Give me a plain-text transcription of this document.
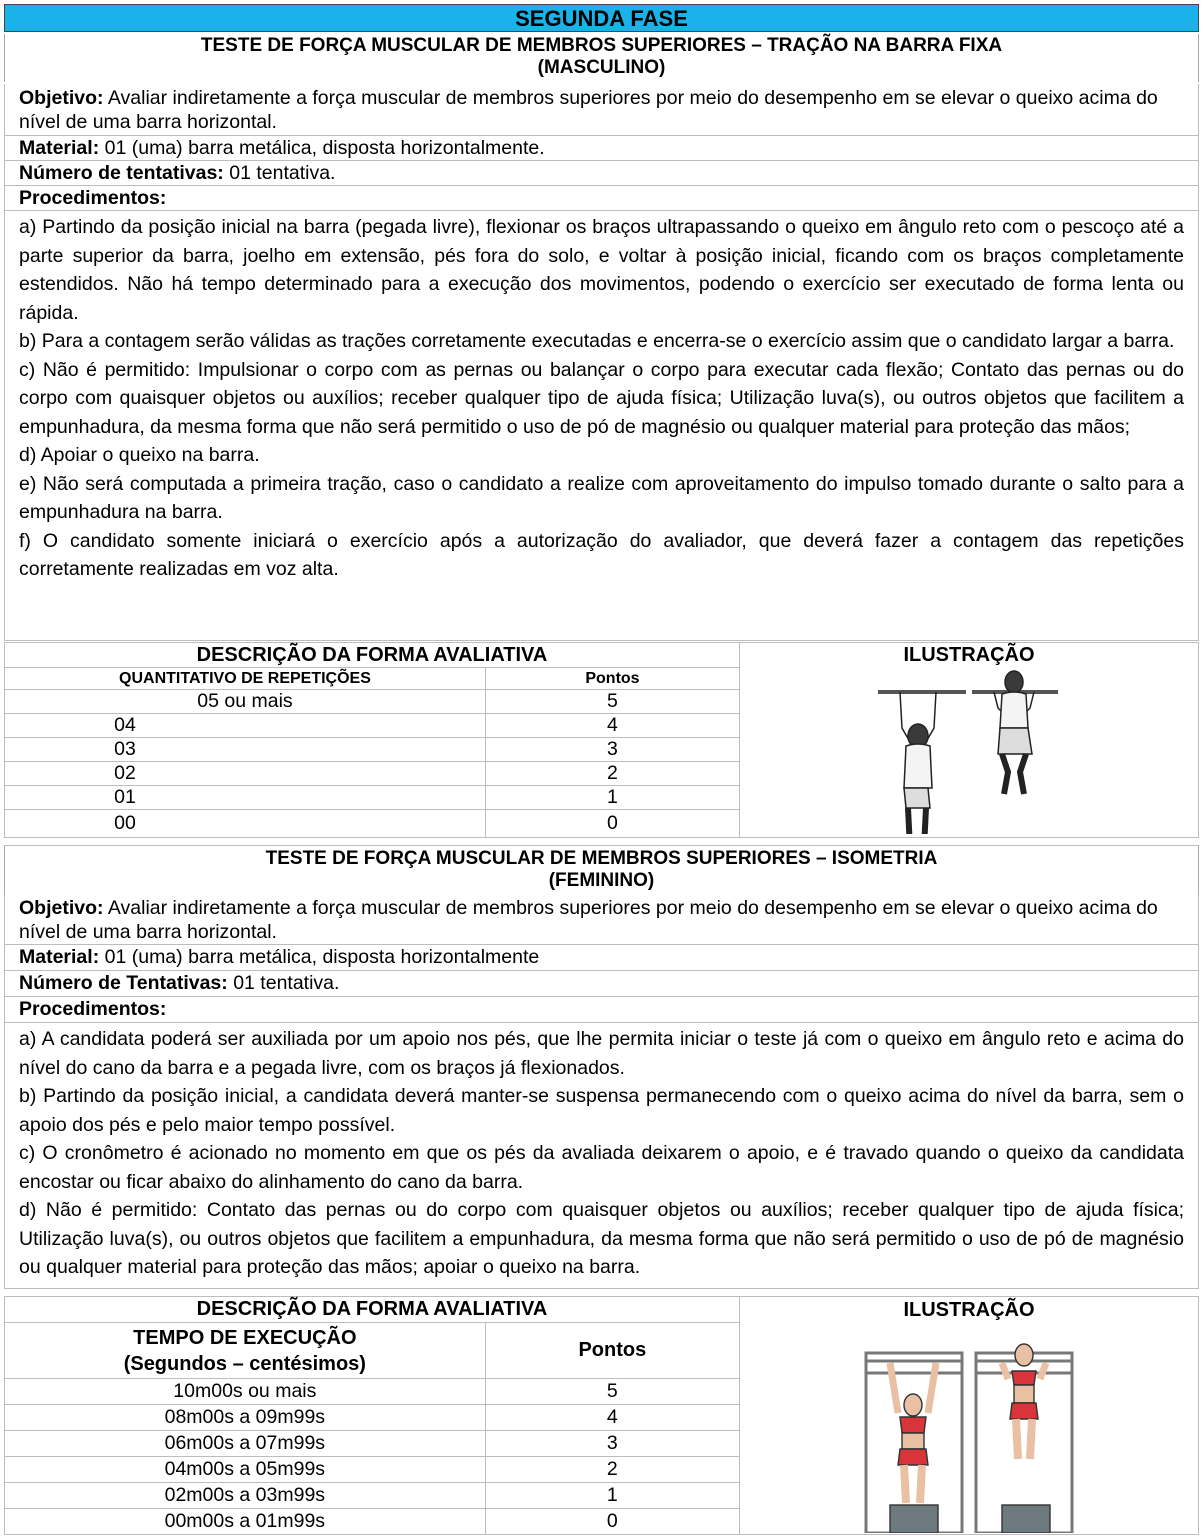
SEGUNDA FASE
TESTE DE FORÇA MUSCULAR DE MEMBROS SUPERIORES – TRAÇÃO NA BARRA FIXA
(MASCULINO)
Objetivo: Avaliar indiretamente a força muscular de membros superiores por meio do desempenho em se elevar o queixo acima do nível de uma barra horizontal.
Material: 01 (uma) barra metálica, disposta horizontalmente.
Número de tentativas: 01 tentativa.
Procedimentos:

a) Partindo da posição inicial na barra (pegada livre), flexionar os braços ultrapassando o queixo em ângulo reto com o pescoço até a parte superior da barra, joelho em extensão, pés fora do solo, e voltar à posição inicial, ficando com os braços completamente estendidos. Não há tempo determinado para a execução dos movimentos, podendo o exercício ser executado de forma lenta ou rápida.

b) Para a contagem serão válidas as trações corretamente executadas e encerra-se o exercício assim que o candidato largar a barra.

c) Não é permitido: Impulsionar o corpo com as pernas ou balançar o corpo para executar cada flexão; Contato das pernas ou do corpo com quaisquer objetos ou auxílios; receber qualquer tipo de ajuda física; Utilização luva(s), ou outros objetos que facilitem a empunhadura, da mesma forma que não será permitido o uso de pó de magnésio ou qualquer material para proteção das mãos;

d) Apoiar o queixo na barra.

e) Não será computada a primeira tração, caso o candidato a realize com aproveitamento do impulso tomado durante o salto para a empunhadura na barra.

f) O candidato somente iniciará o exercício após a autorização do avaliador, que deverá fazer a contagem das repetições corretamente realizadas em voz alta.

DESCRIÇÃO DA FORMA AVALIATIVA		ILUSTRAÇÃO

QUANTITATIVO DE REPETIÇÕES	Pontos	
05 ou mais	5	
04	4	
03	3	
02	2	
01	1	
00	0	
TESTE DE FORÇA MUSCULAR DE MEMBROS SUPERIORES – ISOMETRIA
(FEMININO)
Objetivo: Avaliar indiretamente a força muscular de membros superiores por meio do desempenho em se elevar o queixo acima do nível de uma barra horizontal.
Material: 01 (uma) barra metálica, disposta horizontalmente
Número de Tentativas: 01 tentativa.
Procedimentos:

a) A candidata poderá ser auxiliada por um apoio nos pés, que lhe permita iniciar o teste já com o queixo em ângulo reto e acima do nível do cano da barra e a pegada livre, com os braços já flexionados.

b) Partindo da posição inicial, a candidata deverá manter-se suspensa permanecendo com o queixo acima do nível da barra, sem o apoio dos pés e pelo maior tempo possível.

c) O cronômetro é acionado no momento em que os pés da avaliada deixarem o apoio, e é travado quando o queixo da candidata encostar ou ficar abaixo do alinhamento do cano da barra.

d) Não é permitido: Contato das pernas ou do corpo com quaisquer objetos ou auxílios; receber qualquer tipo de ajuda física; Utilização luva(s), ou outros objetos que facilitem a empunhadura, da mesma forma que não será permitido o uso de pó de magnésio ou qualquer material para proteção das mãos; apoiar o queixo na barra.

DESCRIÇÃO DA FORMA AVALIATIVA		ILUSTRAÇÃO

TEMPO DE EXECUÇÃO
(Segundos – centésimos)	Pontos	
10m00s ou mais	5	
08m00s a 09m99s	4	
06m00s a 07m99s	3	
04m00s a 05m99s	2	
02m00s a 03m99s	1	
00m00s a 01m99s	0	
